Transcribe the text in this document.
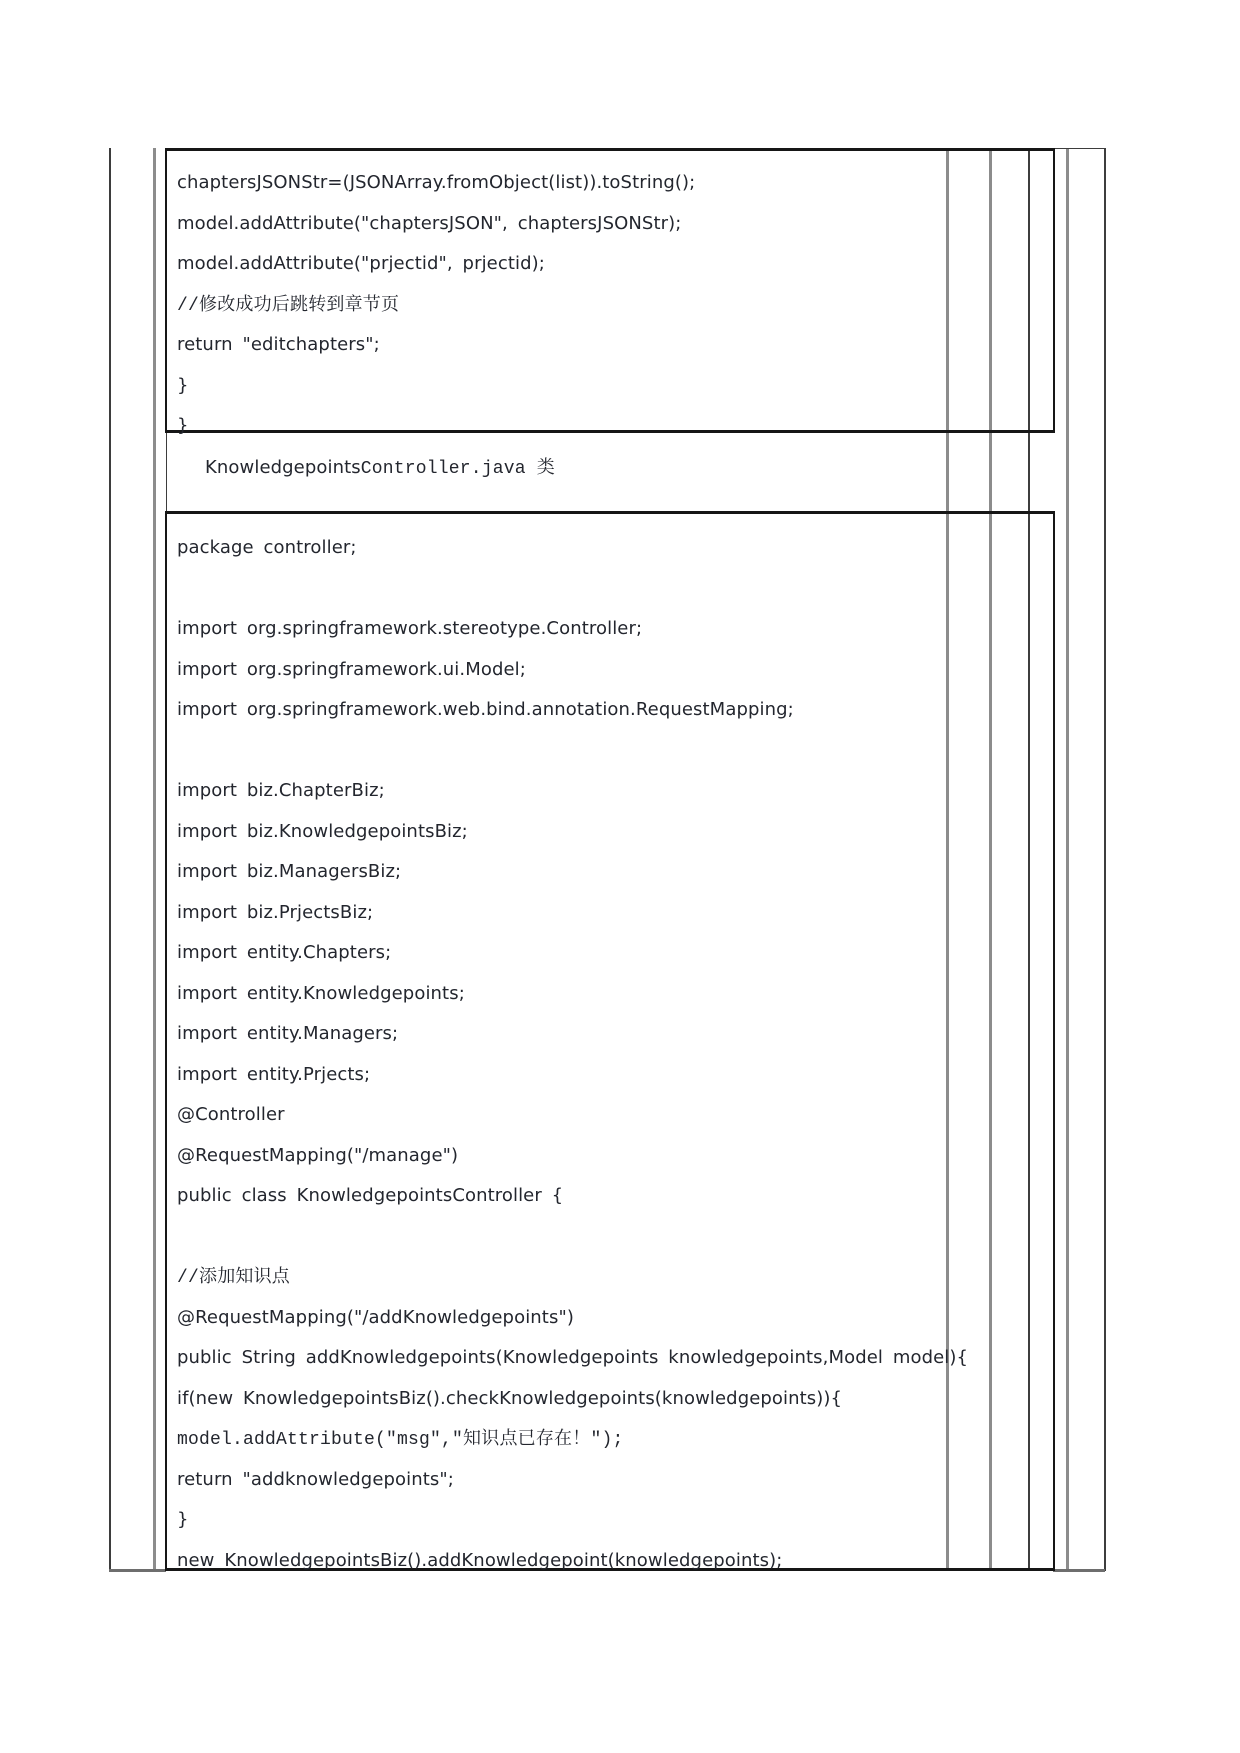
chaptersJSONStr=(JSONArray.fromObject(list)).toString();
model.addAttribute("chaptersJSON", chaptersJSONStr);
model.addAttribute("prjectid", prjectid);
//修改成功后跳转到章节页
return "editchapters";
}
}
KnowledgepointsController.java 类
package controller;
import org.springframework.stereotype.Controller;
import org.springframework.ui.Model;
import org.springframework.web.bind.annotation.RequestMapping;
import biz.ChapterBiz;
import biz.KnowledgepointsBiz;
import biz.ManagersBiz;
import biz.PrjectsBiz;
import entity.Chapters;
import entity.Knowledgepoints;
import entity.Managers;
import entity.Prjects;
@Controller
@RequestMapping("/manage")
public class KnowledgepointsController {
//添加知识点
@RequestMapping("/addKnowledgepoints")
public String addKnowledgepoints(Knowledgepoints knowledgepoints,Model model){
if(new KnowledgepointsBiz().checkKnowledgepoints(knowledgepoints)){
model.addAttribute("msg","知识点已存在！");
return "addknowledgepoints";
}
new KnowledgepointsBiz().addKnowledgepoint(knowledgepoints);
